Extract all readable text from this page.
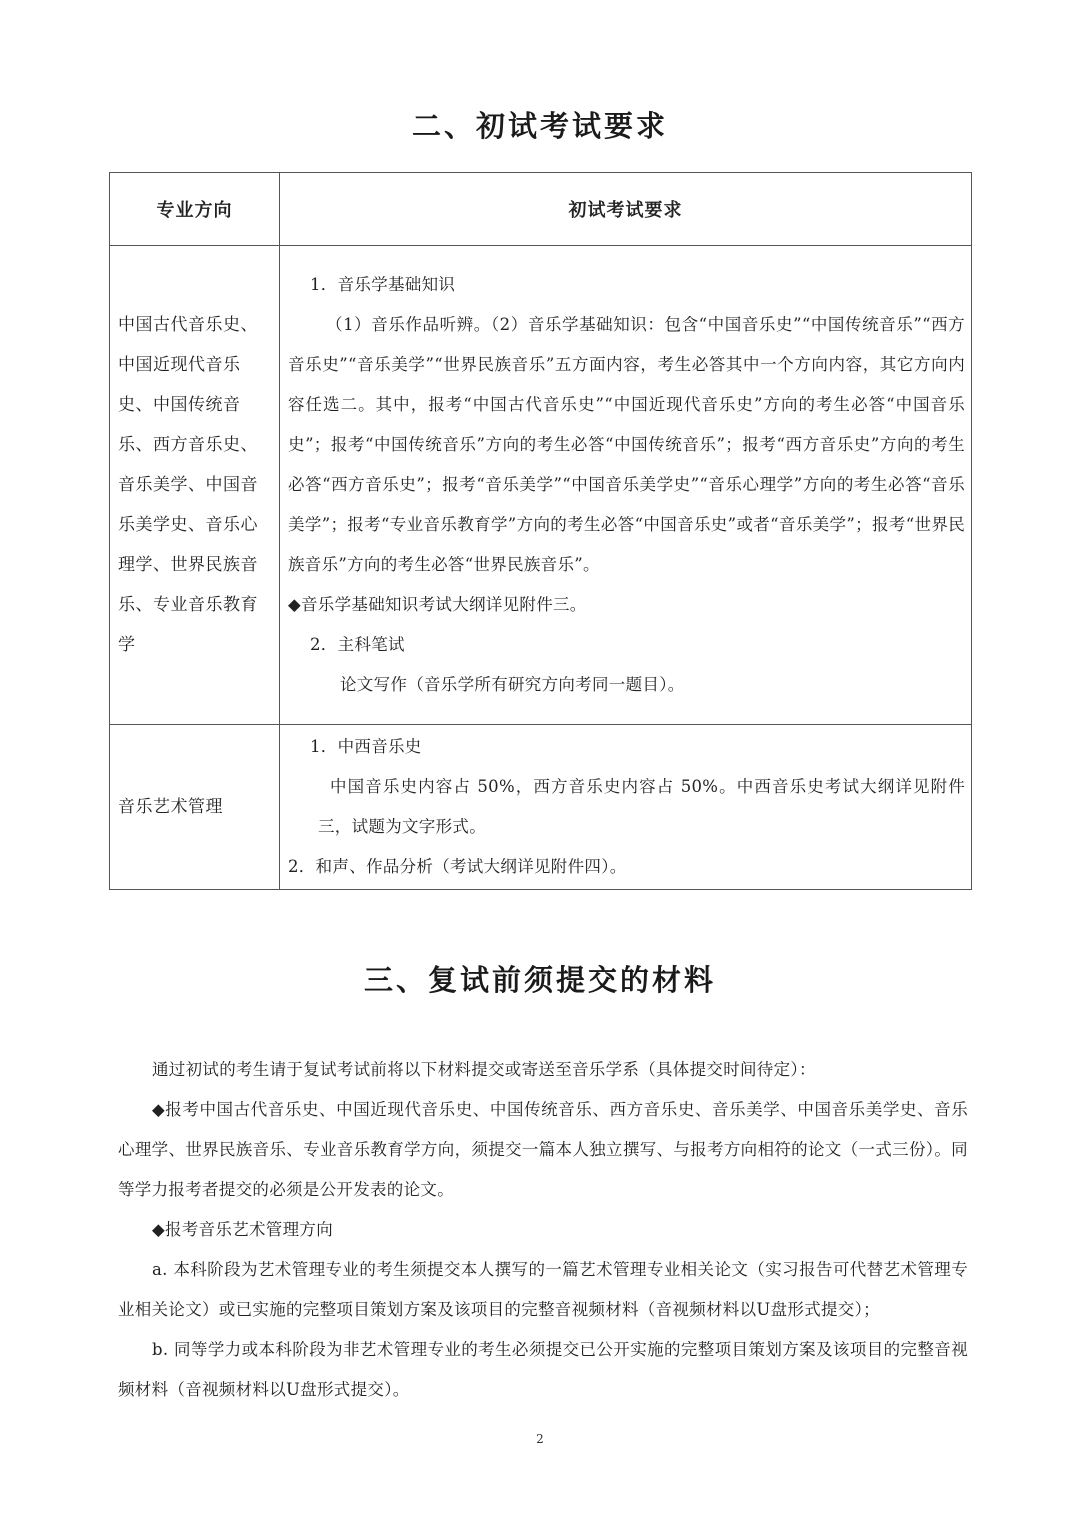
二、初试考试要求
专业方向	初试考试要求
中国古代音乐史、中国近现代音乐史、中国传统音乐、西方音乐史、音乐美学、中国音乐美学史、音乐心理学、世界民族音乐、专业音乐教育学	1．音乐学基础知识

（1）音乐作品听辨。（2）音乐学基础知识：包含“中国音乐史”“中国传统音乐”“西方音乐史”“音乐美学”“世界民族音乐”五方面内容，考生必答其中一个方向内容，其它方向内容任选二。其中，报考“中国古代音乐史”“中国近现代音乐史”方向的考生必答“中国音乐史”；报考“中国传统音乐”方向的考生必答“中国传统音乐”；报考“西方音乐史”方向的考生必答“西方音乐史”；报考“音乐美学”“中国音乐美学史”“音乐心理学”方向的考生必答“音乐美学”；报考“专业音乐教育学”方向的考生必答“中国音乐史”或者“音乐美学”；报考“世界民族音乐”方向的考生必答“世界民族音乐”。

◆音乐学基础知识考试大纲详见附件三。

2．主科笔试

论文写作（音乐学所有研究方向考同一题目）。

音乐艺术管理	1．中西音乐史

中国音乐史内容占 50%，西方音乐史内容占 50%。中西音乐史考试大纲详见附件三，试题为文字形式。

2．和声、作品分析（考试大纲详见附件四）。

三、复试前须提交的材料

通过初试的考生请于复试考试前将以下材料提交或寄送至音乐学系（具体提交时间待定）：

◆报考中国古代音乐史、中国近现代音乐史、中国传统音乐、西方音乐史、音乐美学、中国音乐美学史、音乐心理学、世界民族音乐、专业音乐教育学方向，须提交一篇本人独立撰写、与报考方向相符的论文（一式三份）。同等学力报考者提交的必须是公开发表的论文。

◆报考音乐艺术管理方向

a. 本科阶段为艺术管理专业的考生须提交本人撰写的一篇艺术管理专业相关论文（实习报告可代替艺术管理专业相关论文）或已实施的完整项目策划方案及该项目的完整音视频材料（音视频材料以U盘形式提交）；

b. 同等学力或本科阶段为非艺术管理专业的考生必须提交已公开实施的完整项目策划方案及该项目的完整音视频材料（音视频材料以U盘形式提交）。

2
